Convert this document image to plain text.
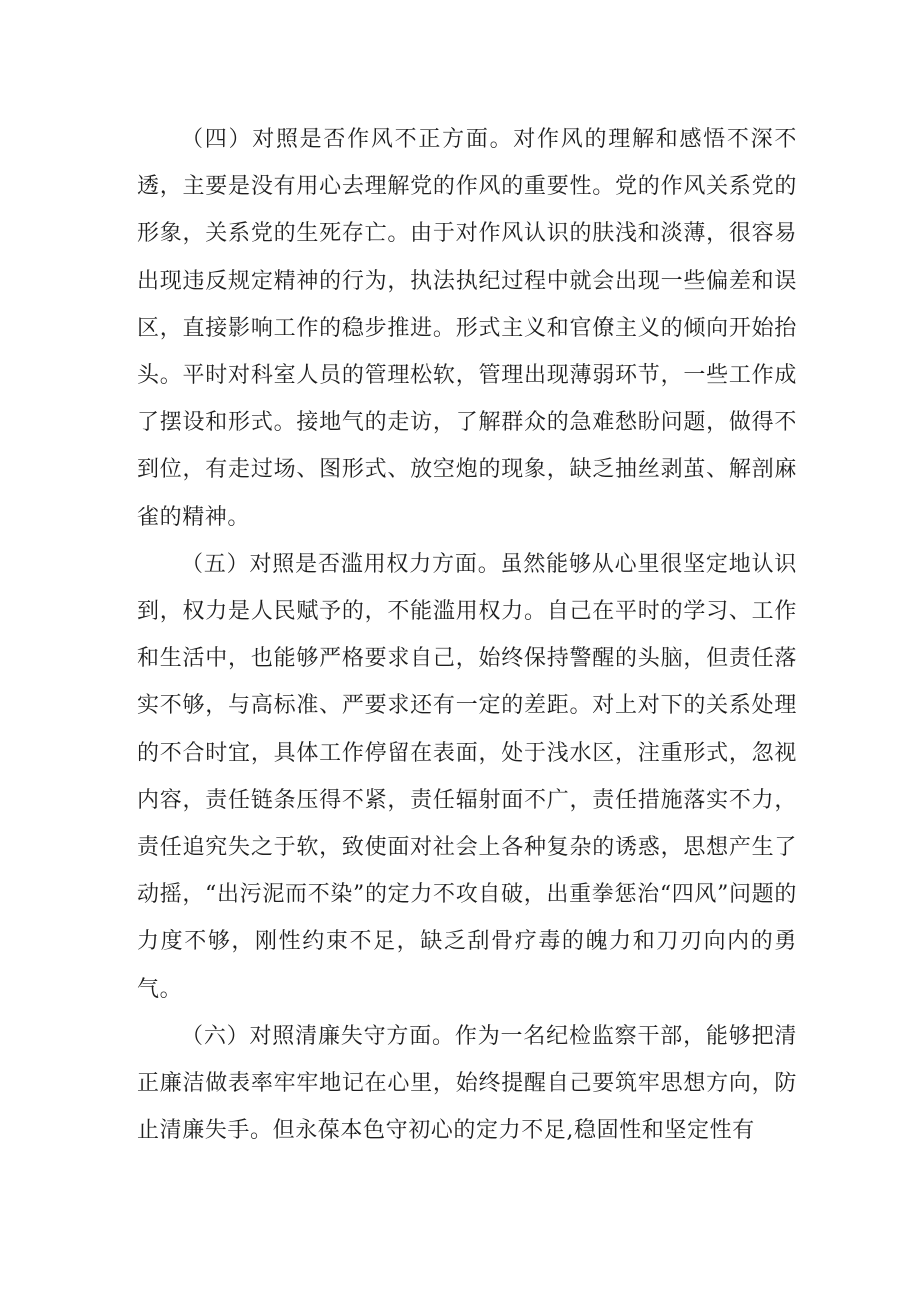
（四）对照是否作风不正方面。对作风的理解和感悟不深不透，主要是没有用心去理解党的作风的重要性。党的作风关系党的形象，关系党的生死存亡。由于对作风认识的肤浅和淡薄，很容易出现违反规定精神的行为，执法执纪过程中就会出现一些偏差和误区，直接影响工作的稳步推进。形式主义和官僚主义的倾向开始抬头。平时对科室人员的管理松软，管理出现薄弱环节，一些工作成了摆设和形式。接地气的走访，了解群众的急难愁盼问题，做得不到位，有走过场、图形式、放空炮的现象，缺乏抽丝剥茧、解剖麻雀的精神。

（五）对照是否滥用权力方面。虽然能够从心里很坚定地认识到，权力是人民赋予的，不能滥用权力。自己在平时的学习、工作和生活中，也能够严格要求自己，始终保持警醒的头脑，但责任落实不够，与高标准、严要求还有一定的差距。对上对下的关系处理的不合时宜，具体工作停留在表面，处于浅水区，注重形式，忽视内容，责任链条压得不紧，责任辐射面不广，责任措施落实不力，责任追究失之于软，致使面对社会上各种复杂的诱惑，思想产生了动摇，“出污泥而不染”的定力不攻自破，出重拳惩治“四风”问题的力度不够，刚性约束不足，缺乏刮骨疗毒的魄力和刀刃向内的勇气。

（六）对照清廉失守方面。作为一名纪检监察干部，能够把清正廉洁做表率牢牢地记在心里，始终提醒自己要筑牢思想方向，防止清廉失手。但永葆本色守初心的定力不足,稳固性和坚定性有
